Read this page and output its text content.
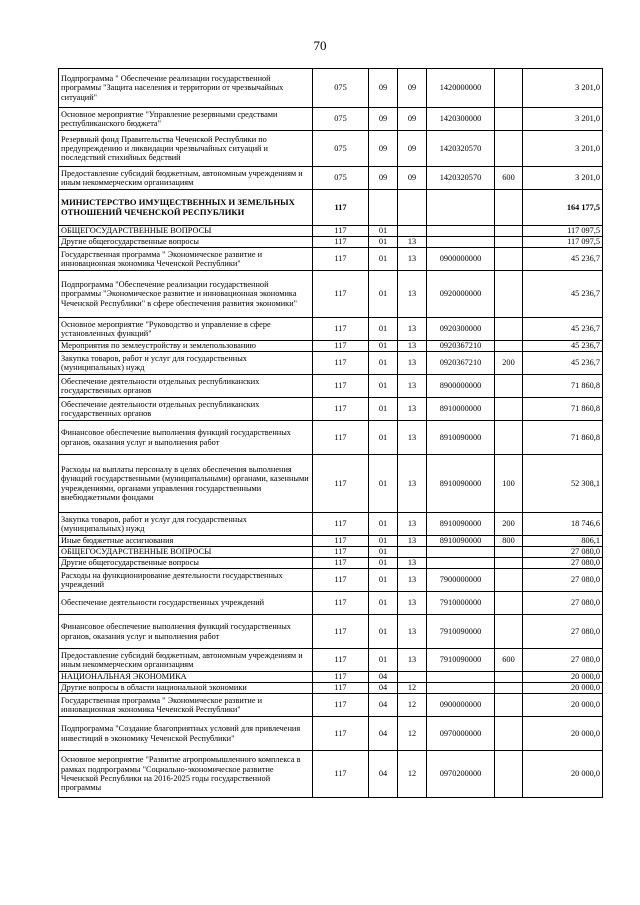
70
Подпрограмма " Обеспечение реализации государственной программы "Защита населения и территории от чрезвычайных ситуаций"	075	09	09	1420000000		3 201,0
Основное мероприятие "Управление резервными средствами республиканского бюджета"	075	09	09	1420300000		3 201,0
Резервный фонд Правительства Чеченской Республики по предупреждению и ликвидации чрезвычайных ситуаций и последствий стихийных бедствий	075	09	09	1420320570		3 201,0
Предоставление субсидий бюджетным, автономным учреждениям и иным некоммерческим организациям	075	09	09	1420320570	600	3 201,0
МИНИСТЕРСТВО ИМУЩЕСТВЕННЫХ И ЗЕМЕЛЬНЫХ ОТНОШЕНИЙ ЧЕЧЕНСКОЙ РЕСПУБЛИКИ	117					164 177,5
ОБЩЕГОСУДАРСТВЕННЫЕ ВОПРОСЫ	117	01				117 097,5
Другие общегосударственные вопросы	117	01	13			117 097,5
Государственная программа " Экономическое развитие и инновационная экономика Чеченской Республики"	117	01	13	0900000000		45 236,7
Подпрограмма "Обеспечение реализации государственной программы "Экономическое развитие и инновационная экономика Чеченской Республики" в сфере обеспечения развития экономики"	117	01	13	0920000000		45 236,7
Основное мероприятие "Руководство и управление в сфере установленных функций"	117	01	13	0920300000		45 236,7
Мероприятия по землеустройству и землепользованию	117	01	13	0920367210		45 236,7
Закупка товаров, работ и услуг для государственных (муниципальных) нужд	117	01	13	0920367210	200	45 236,7
Обеспечение деятельности отдельных республиканских государственных органов	117	01	13	8900000000		71 860,8
Обеспечение деятельности отдельных республиканских государственных органов	117	01	13	8910000000		71 860,8
Финансовое обеспечение выполнения функций государственных органов, оказания услуг и выполнения работ	117	01	13	8910090000		71 860,8
Расходы на выплаты персоналу в целях обеспечения выполнения функций государственными (муниципальными) органами, казенными учреждениями, органами управления государственными внебюджетными фондами	117	01	13	8910090000	100	52 308,1
Закупка товаров, работ и услуг для государственных (муниципальных) нужд	117	01	13	8910090000	200	18 746,6
Иные бюджетные ассигнования	117	01	13	8910090000	800	806,1
ОБЩЕГОСУДАРСТВЕННЫЕ ВОПРОСЫ	117	01				27 080,0
Другие общегосударственные вопросы	117	01	13			27 080,0
Расходы на функционирование деятельности государственных учреждений	117	01	13	7900000000		27 080,0
Обеспечение деятельности государственных учреждений	117	01	13	7910000000		27 080,0
Финансовое обеспечение выполнения функций государственных органов, оказания услуг и выполнения работ	117	01	13	7910090000		27 080,0
Предоставление субсидий бюджетным, автономным учреждениям и иным некоммерческим организациям	117	01	13	7910090000	600	27 080,0
НАЦИОНАЛЬНАЯ ЭКОНОМИКА	117	04				20 000,0
Другие вопросы в области национальной экономики	117	04	12			20 000,0
Государственная программа " Экономическое развитие и инновационная экономика Чеченской Республики"	117	04	12	0900000000		20 000,0
Подпрограмма "Создание благоприятных условий для привлечения инвестиций в экономику Чеченской Республики"	117	04	12	0970000000		20 000,0
Основное мероприятие "Развитие агропромышленного комплекса в рамках подпрограммы "Социально-экономическое развитие Чеченской Республики на 2016-2025 годы государственной программы	117	04	12	0970200000		20 000,0
